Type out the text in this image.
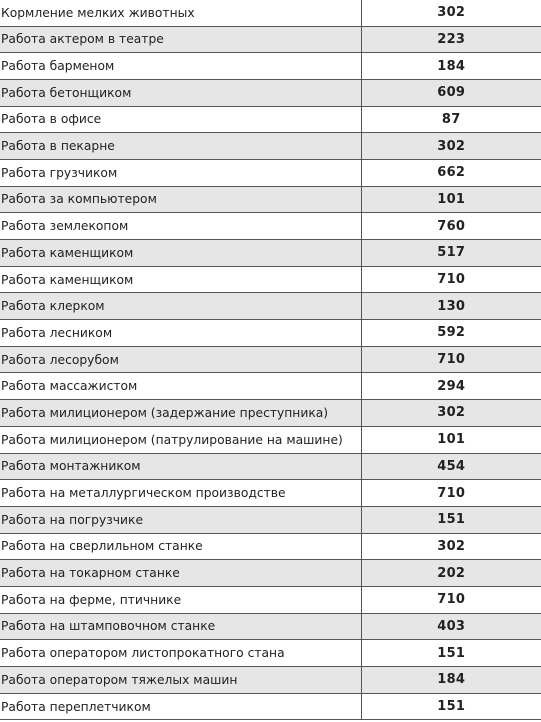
Кормление мелких животных	302
Работа актером в театре	223
Работа барменом	184
Работа бетонщиком	609
Работа в офисе	87
Работа в пекарне	302
Работа грузчиком	662
Работа за компьютером	101
Работа землекопом	760
Работа каменщиком	517
Работа каменщиком	710
Работа клерком	130
Работа лесником	592
Работа лесорубом	710
Работа массажистом	294
Работа милиционером (задержание преступника)	302
Работа милиционером (патрулирование на машине)	101
Работа монтажником	454
Работа на металлургическом производстве	710
Работа на погрузчике	151
Работа на сверлильном станке	302
Работа на токарном станке	202
Работа на ферме, птичнике	710
Работа на штамповочном станке	403
Работа оператором листопрокатного стана	151
Работа оператором тяжелых машин	184
Работа переплетчиком	151
